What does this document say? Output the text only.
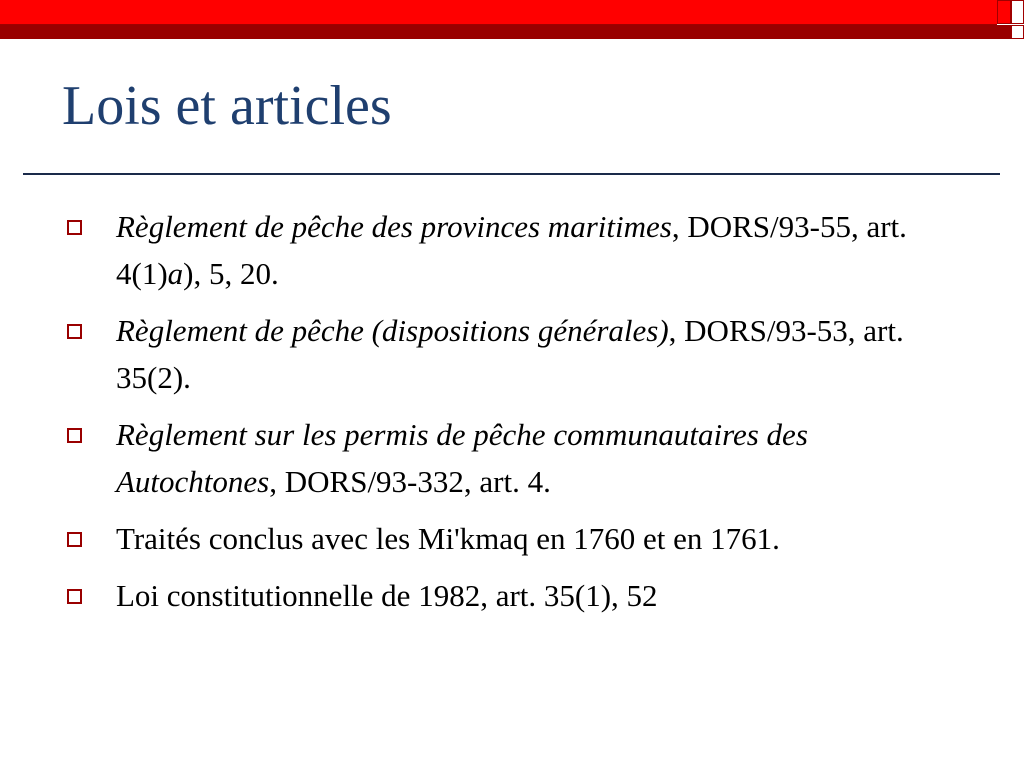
Lois et articles
Règlement de pêche des provinces maritimes, DORS/93-55, art. 4(1)a), 5, 20.
Règlement de pêche (dispositions générales), DORS/93-53, art. 35(2).
Règlement sur les permis de pêche communautaires des Autochtones, DORS/93-332, art. 4.
Traités conclus avec les Mi'kmaq en 1760 et en 1761.
Loi constitutionnelle de 1982, art. 35(1), 52
